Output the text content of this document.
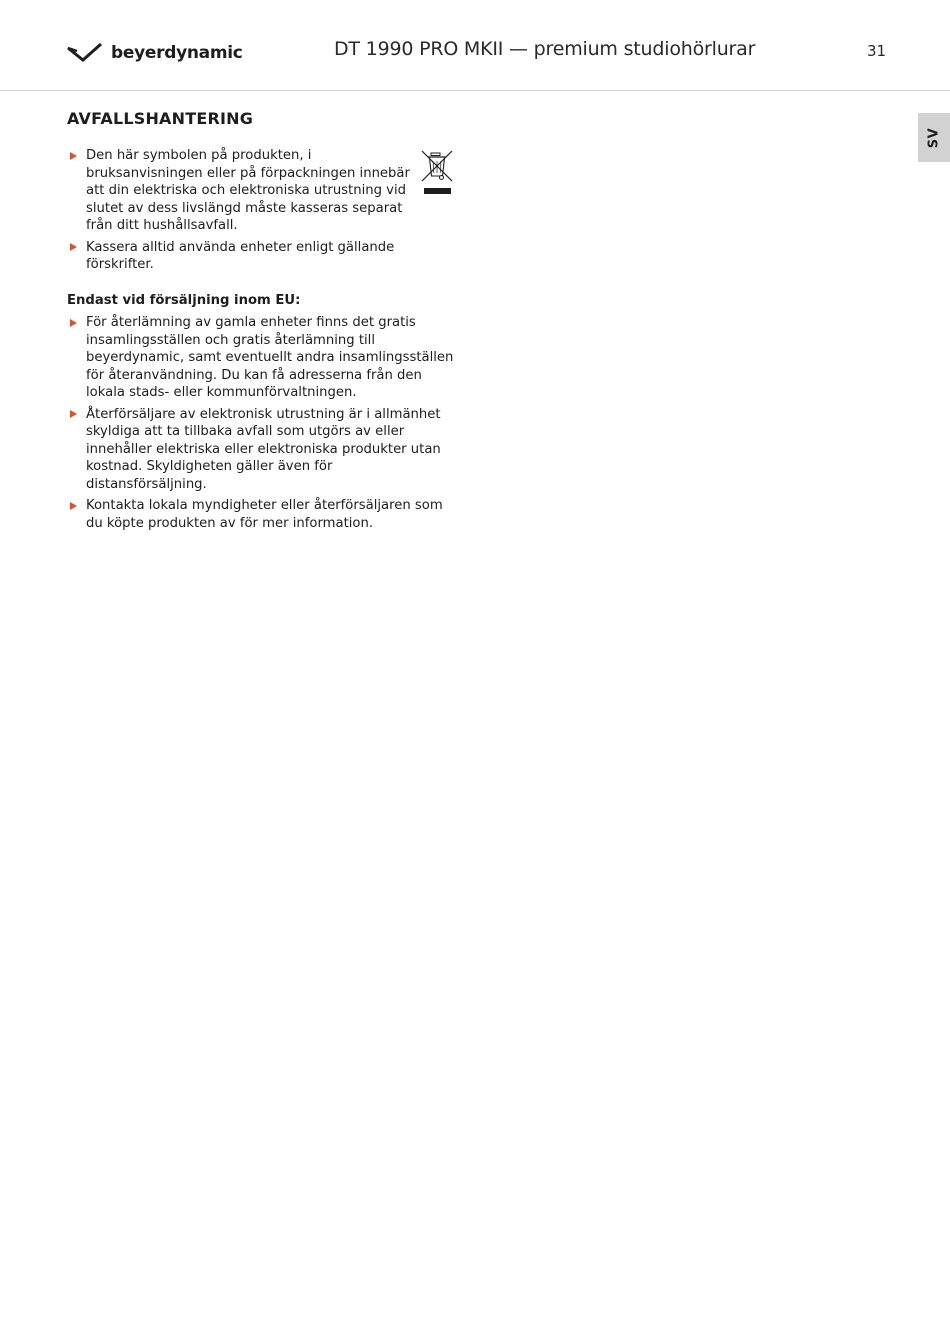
beyerdynamic	DT 1990 PRO MKII — premium studiohörlurar	31
SV
AVFALLSHANTERING
Den här symbolen på produkten, i bruksanvisningen eller på förpackningen innebär att din elektriska och elektroniska utrustning vid slutet av dess livslängd måste kasseras separat från ditt hushållsavfall.
Kassera alltid använda enheter enligt gällande förskrifter.

Endast vid försäljning inom EU:

För återlämning av gamla enheter finns det gratis insamlingsställen och gratis återlämning till beyerdynamic, samt eventuellt andra insamlingsställen för återanvändning. Du kan få adresserna från den lokala stads- eller kommunförvaltningen.
Återförsäljare av elektronisk utrustning är i allmänhet skyldiga att ta tillbaka avfall som utgörs av eller innehåller elektriska eller elektroniska produkter utan kostnad. Skyldigheten gäller även för distansförsäljning.
Kontakta lokala myndigheter eller återförsäljaren som du köpte produkten av för mer information.
